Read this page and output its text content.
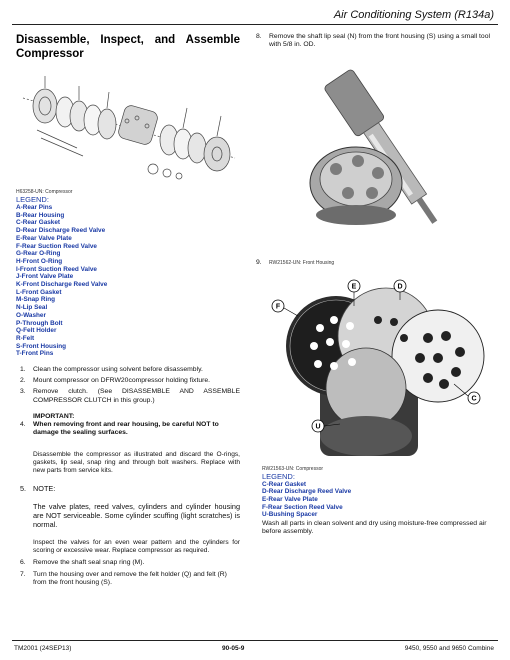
Air Conditioning System (R134a)
Disassemble, Inspect, and Assemble Compressor
H63258-UN: Compressor
LEGEND:
A-Rear Pins
B-Rear Housing
C-Rear Gasket
D-Rear Discharge Reed Valve
E-Rear Valve Plate
F-Rear Suction Reed Valve
G-Rear O-Ring
H-Front O-Ring
I-Front Suction Reed Valve
J-Front Valve Plate
K-Front Discharge Reed Valve
L-Front Gasket
M-Snap Ring
N-Lip Seal
O-Washer
P-Through Bolt
Q-Felt Holder
R-Felt
S-Front Housing
T-Front Pins
1. Clean the compressor using solvent before disassembly.
2. Mount compressor on DFRW20compressor holding fixture.
3. Remove clutch. (See DISASSEMBLE AND ASSEMBLE COMPRESSOR CLUTCH in this group.)
IMPORTANT:
4. When removing front and rear housing, be careful NOT to damage the sealing surfaces.
Disassemble the compressor as illustrated and discard the O-rings, gaskets, lip seal, snap ring and through bolt washers. Replace with new parts from service kits.
5. NOTE:
The valve plates, reed valves, cylinders and cylinder housing are NOT serviceable. Some cylinder scuffing (light scratches) is normal.
Inspect the valves for an even wear pattern and the cylinders for scoring or excessive wear. Replace compressor as required.
6. Remove the shaft seal snap ring (M).
7. Turn the housing over and remove the felt holder (Q) and felt (R) from the front housing (S).
8. Remove the shaft lip seal (N) from the front housing (S) using a small tool with 5/8 in. OD.
9. RW21562-UN: Front Housing
E	D
F
C
U
RW21563-UN: Compressor
LEGEND:
C-Rear Gasket
D-Rear Discharge Reed Valve
E-Rear Valve Plate
F-Rear Section Reed Valve
U-Bushing Spacer
Wash all parts in clean solvent and dry using moisture-free compressed air before assembly.
TM2001 (24SEP13)	90-05-9	9450, 9550 and 9650 Combine
